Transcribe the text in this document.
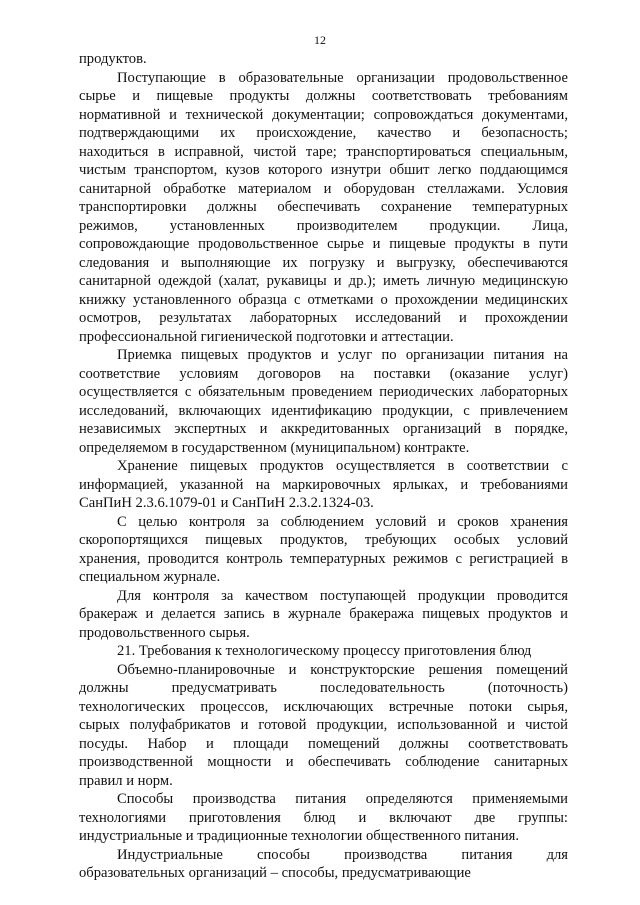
12
продуктов.
Поступающие в образовательные организации продовольственное
сырье и пищевые продукты должны соответствовать требованиям
нормативной и технической документации; сопровождаться документами,
подтверждающими их происхождение, качество и безопасность;
находиться в исправной, чистой таре; транспортироваться специальным,
чистым транспортом, кузов которого изнутри обшит легко поддающимся
санитарной обработке материалом и оборудован стеллажами. Условия
транспортировки должны обеспечивать сохранение температурных
режимов, установленных производителем продукции. Лица,
сопровождающие продовольственное сырье и пищевые продукты в пути
следования и выполняющие их погрузку и выгрузку, обеспечиваются
санитарной одеждой (халат, рукавицы и др.); иметь личную медицинскую
книжку установленного образца с отметками о прохождении медицинских
осмотров, результатах лабораторных исследований и прохождении
профессиональной гигиенической подготовки и аттестации.
Приемка пищевых продуктов и услуг по организации питания на
соответствие условиям договоров на поставки (оказание услуг)
осуществляется с обязательным проведением периодических лабораторных
исследований, включающих идентификацию продукции, с привлечением
независимых экспертных и аккредитованных организаций в порядке,
определяемом в государственном (муниципальном) контракте.
Хранение пищевых продуктов осуществляется в соответствии с
информацией, указанной на маркировочных ярлыках, и требованиями
СанПиН 2.3.6.1079-01 и СанПиН 2.3.2.1324-03.
С целью контроля за соблюдением условий и сроков хранения
скоропортящихся пищевых продуктов, требующих особых условий
хранения, проводится контроль температурных режимов с регистрацией в
специальном журнале.
Для контроля за качеством поступающей продукции проводится
бракераж и делается запись в журнале бракеража пищевых продуктов и
продовольственного сырья.
21. Требования к технологическому процессу приготовления блюд
Объемно-планировочные и конструкторские решения помещений
должны предусматривать последовательность (поточность)
технологических процессов, исключающих встречные потоки сырья,
сырых полуфабрикатов и готовой продукции, использованной и чистой
посуды. Набор и площади помещений должны соответствовать
производственной мощности и обеспечивать соблюдение санитарных
правил и норм.
Способы производства питания определяются применяемыми
технологиями приготовления блюд и включают две группы:
индустриальные и традиционные технологии общественного питания.
Индустриальные способы производства питания для
образовательных организаций – способы, предусматривающие
